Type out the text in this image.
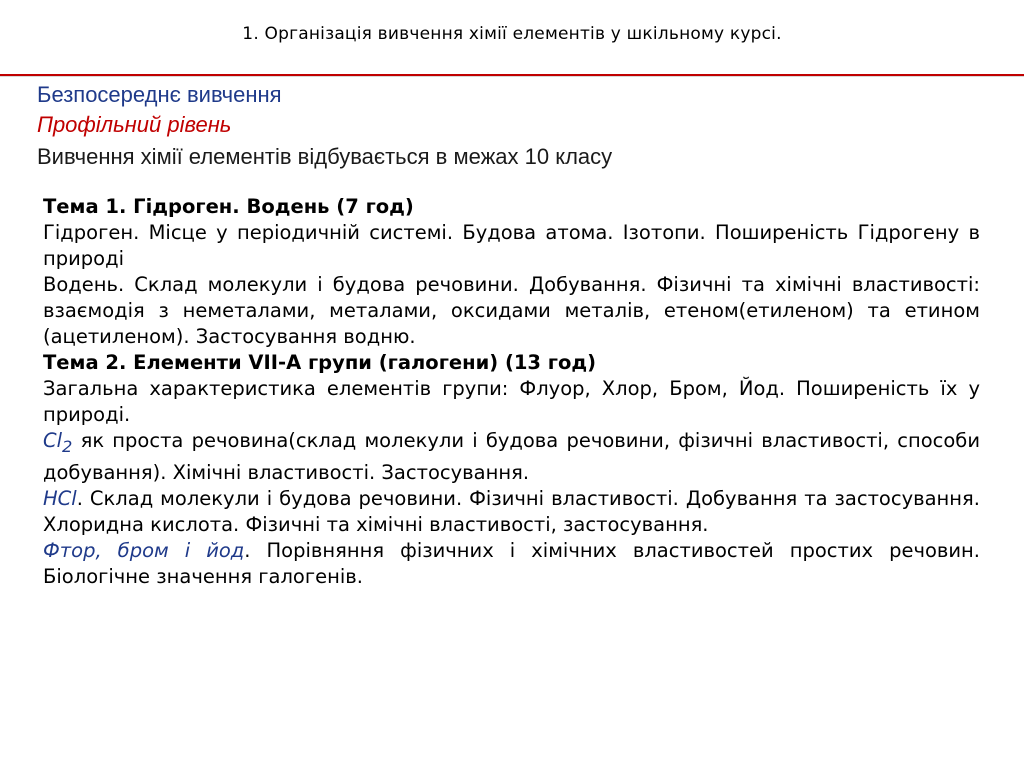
1. Організація вивчення хімії елементів у шкільному курсі.
Безпосереднє вивчення
Профільний рівень
Вивчення хімії елементів відбувається в межах 10 класу

Тема 1. Гідроген. Водень (7 год)

Гідроген. Місце у періодичній системі. Будова атома. Ізотопи. Поширеність Гідрогену в природі

Водень. Склад молекули і будова речовини. Добування. Фізичні та хімічні властивості: взаємодія з неметалами, металами, оксидами металів, етеном(етиленом) та етином (ацетиленом). Застосування водню.

Тема 2. Елементи VII-А групи (галогени) (13 год)

Загальна характеристика елементів групи: Флуор, Хлор, Бром, Йод. Поширеність їх у природі.

$Cl_2$ як проста речовина(склад молекули і будова речовини, фізичні властивості, способи добування). Хімічні властивості. Застосування.

HCl. Склад молекули і будова речовини. Фізичні властивості. Добування та застосування. Хлоридна кислота. Фізичні та хімічні властивості, застосування.

Фтор, бром і йод. Порівняння фізичних і хімічних властивостей простих речовин. Біологічне значення галогенів.
